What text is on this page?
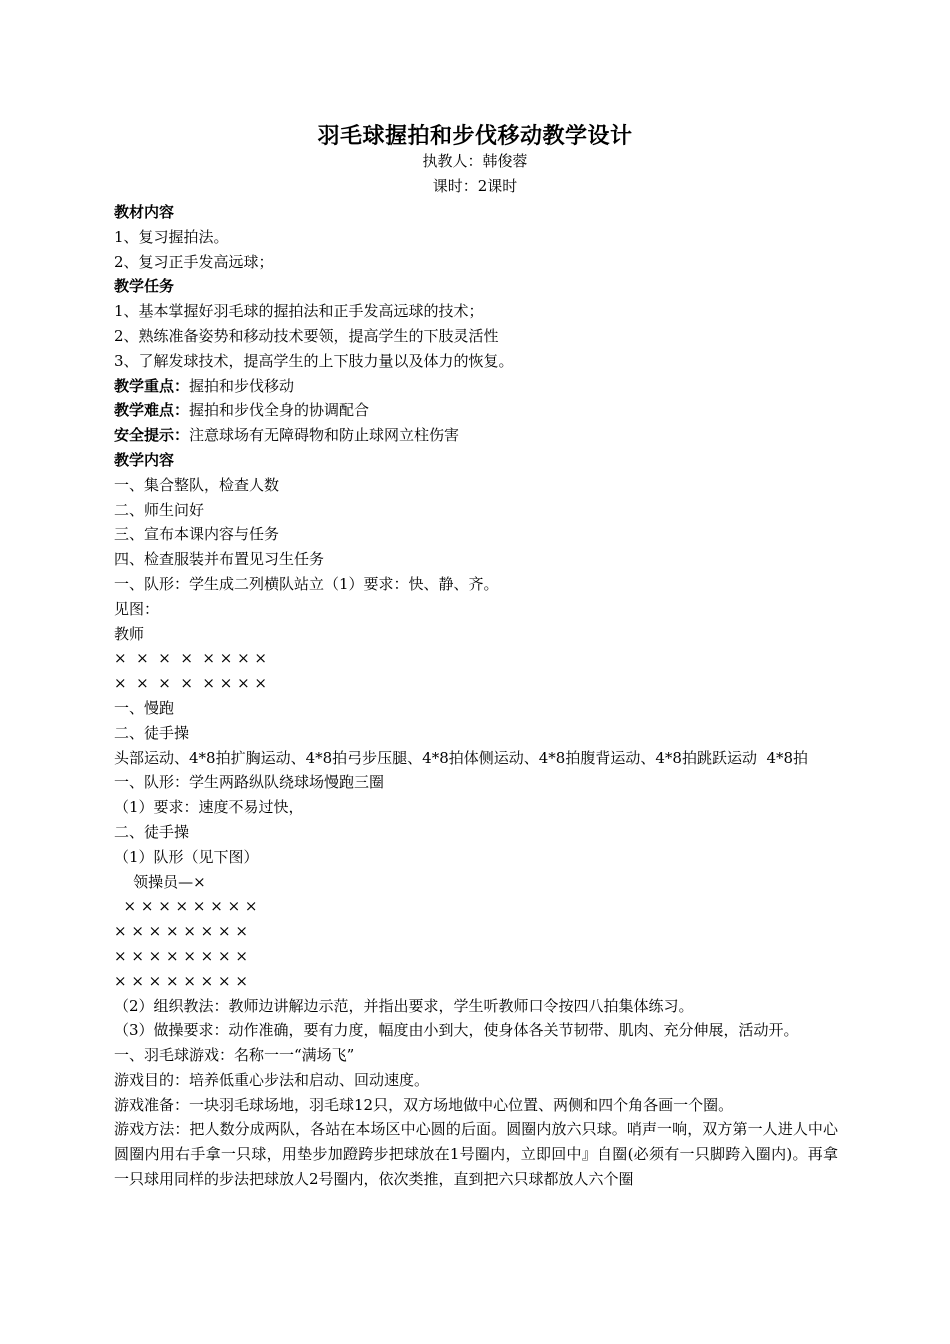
羽毛球握拍和步伐移动教学设计
执教人：韩俊蓉
课时：2课时

教材内容

1、复习握拍法。

2、复习正手发高远球；

教学任务

1、基本掌握好羽毛球的握拍法和正手发高远球的技术；

2、熟练准备姿势和移动技术要领，提高学生的下肢灵活性

3、了解发球技术，提高学生的上下肢力量以及体力的恢复。

教学重点：握拍和步伐移动

教学难点：握拍和步伐全身的协调配合

安全提示：注意球场有无障碍物和防止球网立柱伤害

教学内容

一、集合整队，检查人数

二、师生问好

三、宣布本课内容与任务

四、检查服装并布置见习生任务

一、队形：学生成二列横队站立（1）要求：快、静、齐。

见图：

教师

×  ×  ×  ×  × × × ×

×  ×  ×  ×  × × × ×

一、慢跑

二、徒手操

头部运动、4*8拍扩胸运动、4*8拍弓步压腿、4*8拍体侧运动、4*8拍腹背运动、4*8拍跳跃运动  4*8拍

一、队形：学生两路纵队绕球场慢跑三圈

（1）要求：速度不易过快，

二、徒手操

（1）队形（见下图）

领操员—×

× × × × × × × ×

× × × × × × × ×

× × × × × × × ×

× × × × × × × ×

（2）组织教法：教师边讲解边示范，并指出要求，学生听教师口令按四八拍集体练习。

（3）做操要求：动作准确，要有力度，幅度由小到大，使身体各关节韧带、肌肉、充分伸展，活动开。

一、羽毛球游戏：名称一一“满场飞”

游戏目的：培养低重心步法和启动、回动速度。

游戏准备：一块羽毛球场地，羽毛球12只，双方场地做中心位置、两侧和四个角各画一个圈。

游戏方法：把人数分成两队，各站在本场区中心圆的后面。圆圈内放六只球。哨声一响，双方第一人进人中心圆圈内用右手拿一只球，用垫步加蹬跨步把球放在1号圈内，立即回中』自圈(必须有一只脚跨入圈内)。再拿一只球用同样的步法把球放人2号圈内，依次类推，直到把六只球都放人六个圈
